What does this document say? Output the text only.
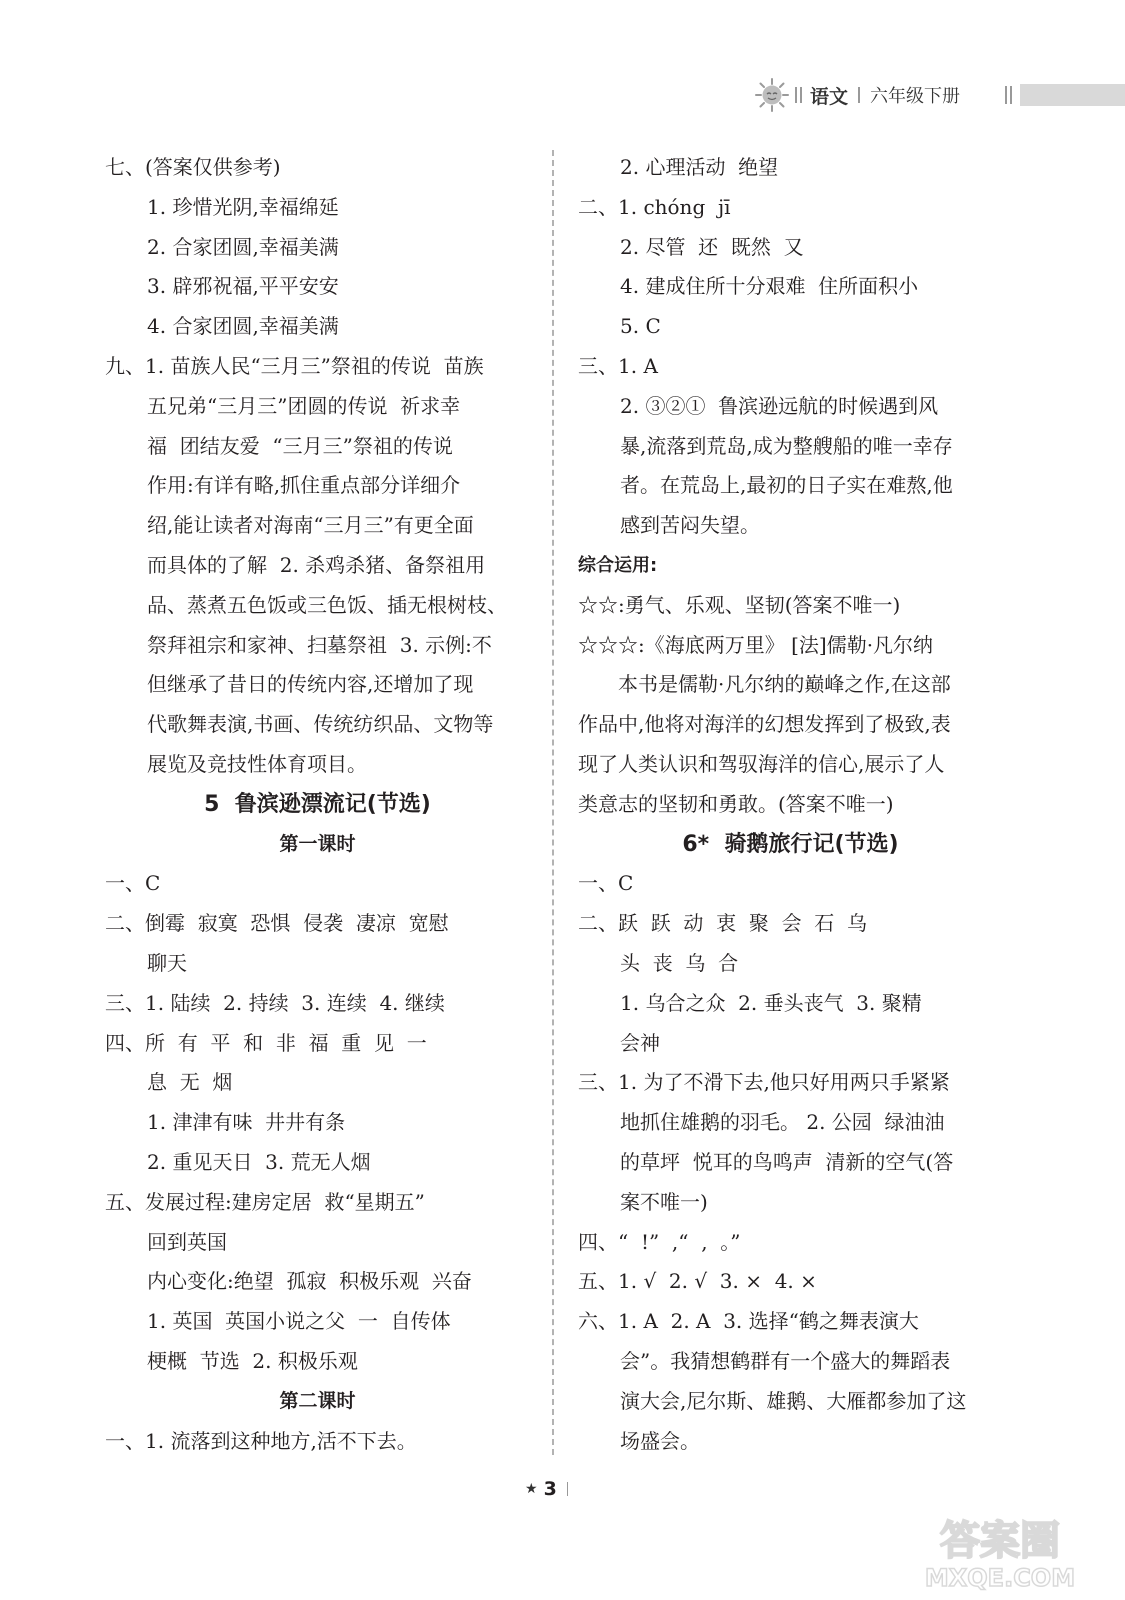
语文 六年级下册
七、(答案仅供参考)
1. 珍惜光阴,幸福绵延
2. 合家团圆,幸福美满
3. 辟邪祝福,平平安安
4. 合家团圆,幸福美满
九、1. 苗族人民“三月三”祭祖的传说  苗族
五兄弟“三月三”团圆的传说  祈求幸
福  团结友爱  “三月三”祭祖的传说
作用:有详有略,抓住重点部分详细介
绍,能让读者对海南“三月三”有更全面
而具体的了解  2. 杀鸡杀猪、备祭祖用
品、蒸煮五色饭或三色饭、插无根树枝、
祭拜祖宗和家神、扫墓祭祖  3. 示例:不
但继承了昔日的传统内容,还增加了现
代歌舞表演,书画、传统纺织品、文物等
展览及竞技性体育项目。
5  鲁滨逊漂流记(节选)
第一课时
一、C
二、倒霉  寂寞  恐惧  侵袭  凄凉  宽慰
聊天
三、1. 陆续  2. 持续  3. 连续  4. 继续
四、所  有  平  和  非  福  重  见  一
息  无  烟
1. 津津有味  井井有条
2. 重见天日  3. 荒无人烟
五、发展过程:建房定居  救“星期五”
回到英国
内心变化:绝望  孤寂  积极乐观  兴奋
1. 英国  英国小说之父  一  自传体
梗概  节选  2. 积极乐观
第二课时
一、1. 流落到这种地方,活不下去。
2. 心理活动  绝望
二、1. chóng  jī
2. 尽管  还  既然  又
4. 建成住所十分艰难  住所面积小
5. C
三、1. A
2. ③②①  鲁滨逊远航的时候遇到风
暴,流落到荒岛,成为整艘船的唯一幸存
者。在荒岛上,最初的日子实在难熬,他
感到苦闷失望。
综合运用:
☆☆:勇气、乐观、坚韧(答案不唯一)
☆☆☆:《海底两万里》 [法]儒勒·凡尔纳
本书是儒勒·凡尔纳的巅峰之作,在这部
作品中,他将对海洋的幻想发挥到了极致,表
现了人类认识和驾驭海洋的信心,展示了人
类意志的坚韧和勇敢。(答案不唯一)
6*  骑鹅旅行记(节选)
一、C
二、跃  跃  动  衷  聚  会  石  乌
头  丧  乌  合
1. 乌合之众  2. 垂头丧气  3. 聚精
会神
三、1. 为了不滑下去,他只好用两只手紧紧
地抓住雄鹅的羽毛。 2. 公园  绿油油
的草坪  悦耳的鸟鸣声  清新的空气(答
案不唯一)
四、“  !”  ,“  ,  。”
五、1. √  2. √  3. ×  4. ×
六、1. A  2. A  3. 选择“鹤之舞表演大
会”。我猜想鹤群有一个盛大的舞蹈表
演大会,尼尔斯、雄鹅、大雁都参加了这
场盛会。
★ 3
答案圈
MXQE.COM
